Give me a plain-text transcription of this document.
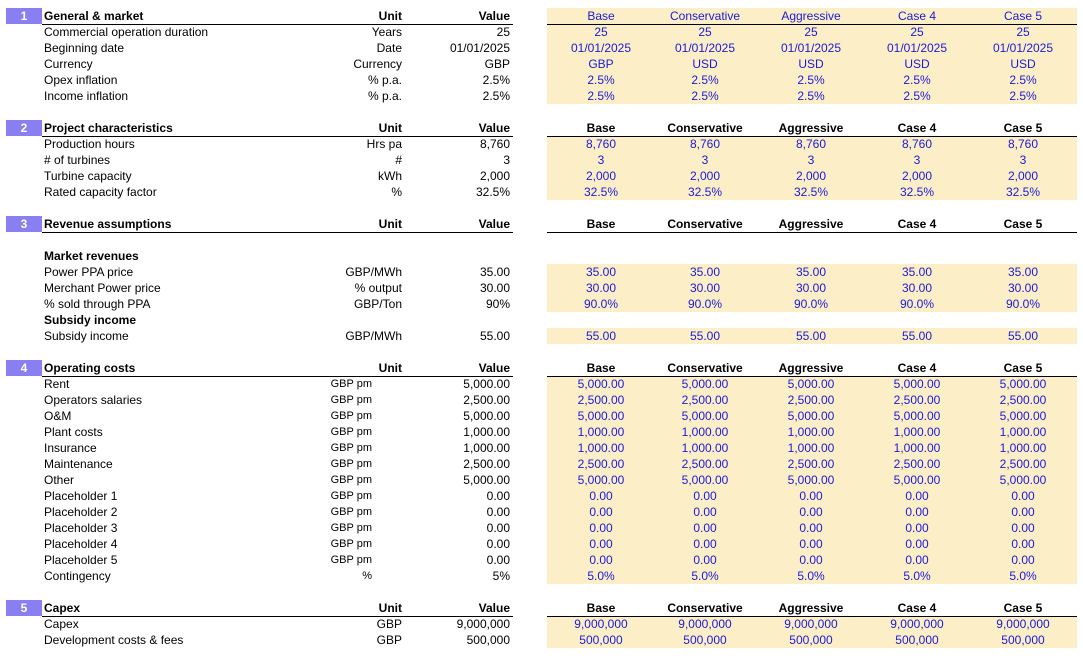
1	General & market	Unit	Value	Base	Conservative	Aggressive	Case 4	Case 5
Commercial operation duration	Years	25	25	25	25	25	25
Beginning date	Date	01/01/2025	01/01/2025	01/01/2025	01/01/2025	01/01/2025	01/01/2025
Currency	Currency	GBP	GBP	USD	USD	USD	USD
Opex inflation	% p.a.	2.5%	2.5%	2.5%	2.5%	2.5%	2.5%
Income inflation	% p.a.	2.5%	2.5%	2.5%	2.5%	2.5%	2.5%
2	Project characteristics	Unit	Value	Base	Conservative	Aggressive	Case 4	Case 5
Production hours	Hrs pa	8,760	8,760	8,760	8,760	8,760	8,760
# of turbines	#	3	3	3	3	3	3
Turbine capacity	kWh	2,000	2,000	2,000	2,000	2,000	2,000
Rated capacity factor	%	32.5%	32.5%	32.5%	32.5%	32.5%	32.5%
3	Revenue assumptions	Unit	Value	Base	Conservative	Aggressive	Case 4	Case 5
Market revenues
Power PPA price	GBP/MWh	35.00	35.00	35.00	35.00	35.00	35.00
Merchant Power price	% output	30.00	30.00	30.00	30.00	30.00	30.00
% sold through PPA	GBP/Ton	90%	90.0%	90.0%	90.0%	90.0%	90.0%
Subsidy income
Subsidy income	GBP/MWh	55.00	55.00	55.00	55.00	55.00	55.00
4	Operating costs	Unit	Value	Base	Conservative	Aggressive	Case 4	Case 5
Rent	GBP pm	5,000.00	5,000.00	5,000.00	5,000.00	5,000.00	5,000.00
Operators salaries	GBP pm	2,500.00	2,500.00	2,500.00	2,500.00	2,500.00	2,500.00
O&M	GBP pm	5,000.00	5,000.00	5,000.00	5,000.00	5,000.00	5,000.00
Plant costs	GBP pm	1,000.00	1,000.00	1,000.00	1,000.00	1,000.00	1,000.00
Insurance	GBP pm	1,000.00	1,000.00	1,000.00	1,000.00	1,000.00	1,000.00
Maintenance	GBP pm	2,500.00	2,500.00	2,500.00	2,500.00	2,500.00	2,500.00
Other	GBP pm	5,000.00	5,000.00	5,000.00	5,000.00	5,000.00	5,000.00
Placeholder 1	GBP pm	0.00	0.00	0.00	0.00	0.00	0.00
Placeholder 2	GBP pm	0.00	0.00	0.00	0.00	0.00	0.00
Placeholder 3	GBP pm	0.00	0.00	0.00	0.00	0.00	0.00
Placeholder 4	GBP pm	0.00	0.00	0.00	0.00	0.00	0.00
Placeholder 5	GBP pm	0.00	0.00	0.00	0.00	0.00	0.00
Contingency	%	5%	5.0%	5.0%	5.0%	5.0%	5.0%
5	Capex	Unit	Value	Base	Conservative	Aggressive	Case 4	Case 5
Capex	GBP	9,000,000	9,000,000	9,000,000	9,000,000	9,000,000	9,000,000
Development costs & fees	GBP	500,000	500,000	500,000	500,000	500,000	500,000
